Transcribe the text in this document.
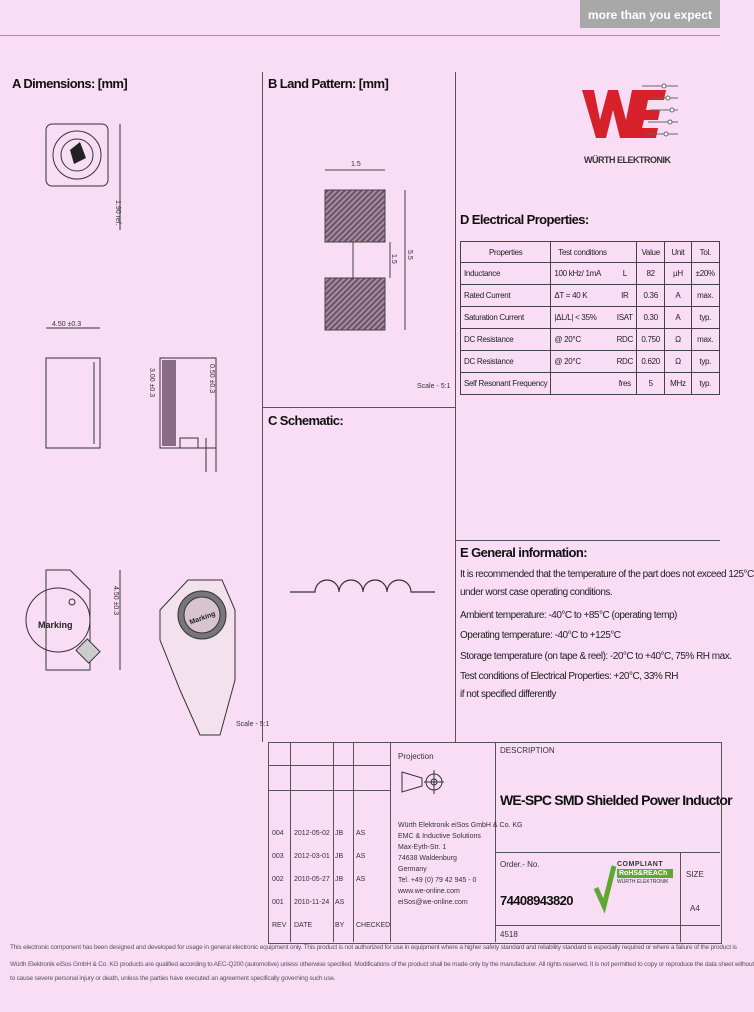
more than you expect
A Dimensions: [mm]
1.90 ref.
4.50 ±0.3
3.00 ±0.3	0.50 ±0.3
Marking
4.50 ±0.3
Marking
Scale - 5:1
B Land Pattern: [mm]
1.5
1.5 5.5
Scale - 5:1
C Schematic:
WÜRTH ELEKTRONIK
D Electrical Properties:
Properties	Test conditions		Value	Unit	Tol.
Inductance	100 kHz/ 1mA	L	82	µH	±20%
Rated Current	ΔT = 40 K	IR	0.36	A	max.
Saturation Current	|ΔL/L| < 35%	ISAT	0.30	A	typ.
DC Resistance	@ 20°C	RDC	0.750	Ω	max.
DC Resistance	@ 20°C	RDC	0.620	Ω	typ.
Self Resonant Frequency		fres	5	MHz	typ.
E General information:
It is recommended that the temperature of the part does not exceed 125°C
under worst case operating conditions.
Ambient temperature: -40°C to +85°C (operating temp)
Operating temperature: -40°C to +125°C
Storage temperature (on tape & reel): -20°C to +40°C, 75% RH max.
Test conditions of Electrical Properties: +20°C, 33% RH
if not specified differently
Projection
DESCRIPTION
WE-SPC SMD Shielded Power Inductor
Order.- No.
74408943820
4518
SIZE
A4
COMPLIANT
RoHS&REACh
WÜRTH ELEKTRONIK
Würth Elektronik eiSos GmbH & Co. KG
EMC & Inductive Solutions
Max-Eyth-Str. 1
74638 Waldenburg
Germany
Tel. +49 (0) 79 42 945 - 0
www.we-online.com
eiSos@we-online.com
004 2012-05-02 JB AS
003 2012-03-01 JB AS
002 2010-05-27 JB AS
001 2010-11-24 AS
REV DATE	BY CHECKED
This electronic component has been designed and developed for usage in general electronic equipment only. This product is not authorized for use in equipment where a higher safety standard and reliability standard is especially required or where a failure of the product is
Würth Elektronik eiSos GmbH & Co. KG products are qualified according to AEC-Q200 (automotive) unless otherwise specified. Modifications of the product shall be made only by the manufacturer. All rights reserved. It is not permitted to copy or reproduce the data sheet without
to cause severe personal injury or death, unless the parties have executed an agreement specifically governing such use.
